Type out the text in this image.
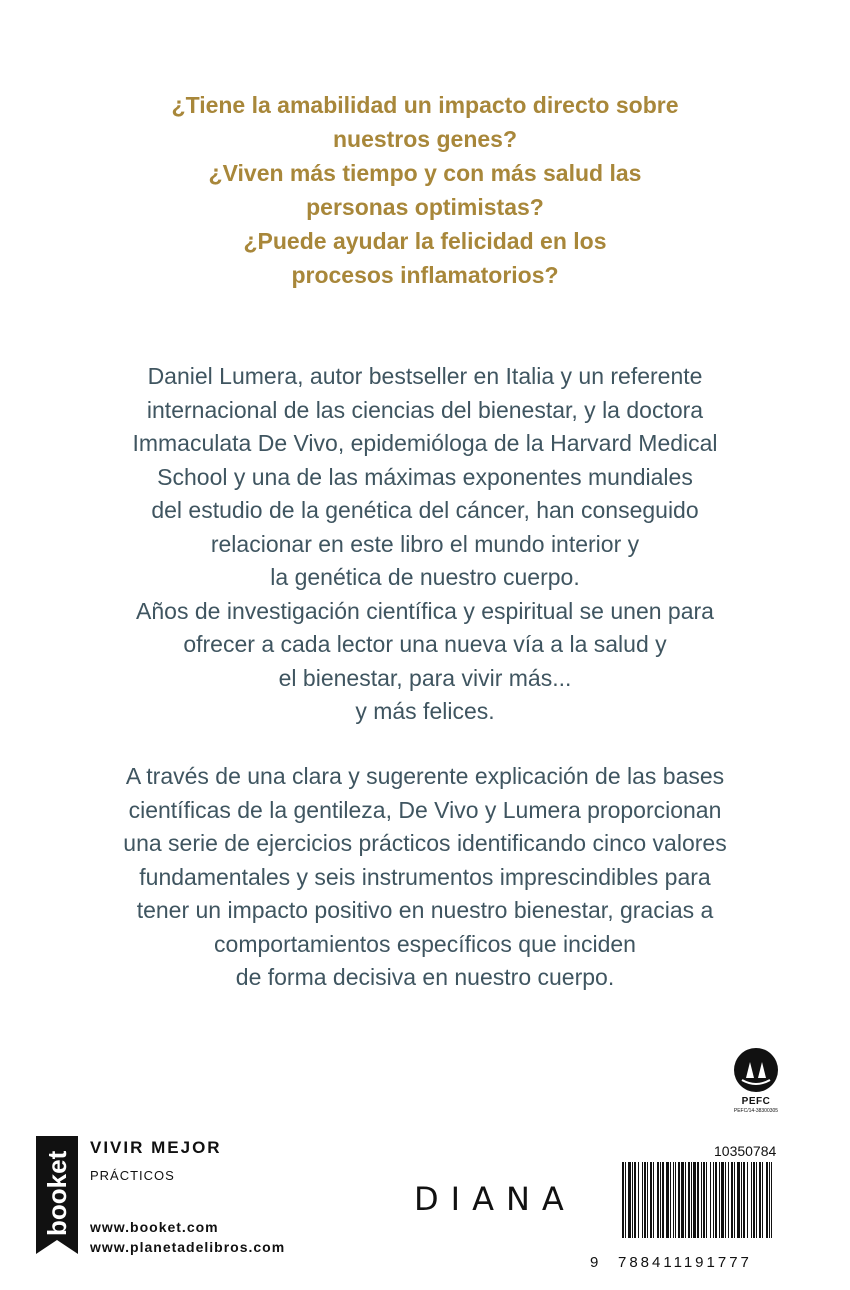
¿Tiene la amabilidad un impacto directo sobre
nuestros genes?
¿Viven más tiempo y con más salud las
personas optimistas?
¿Puede ayudar la felicidad en los
procesos inflamatorios?
Daniel Lumera, autor bestseller en Italia y un referente
internacional de las ciencias del bienestar, y la doctora
Immaculata De Vivo, epidemióloga de la Harvard Medical
School y una de las máximas exponentes mundiales
del estudio de la genética del cáncer, han conseguido
relacionar en este libro el mundo interior y
la genética de nuestro cuerpo.
Años de investigación científica y espiritual se unen para
ofrecer a cada lector una nueva vía a la salud y
el bienestar, para vivir más...
y más felices.
A través de una clara y sugerente explicación de las bases
científicas de la gentileza, De Vivo y Lumera proporcionan
una serie de ejercicios prácticos identificando cinco valores
fundamentales y seis instrumentos imprescindibles para
tener un impacto positivo en nuestro bienestar, gracias a
comportamientos específicos que inciden
de forma decisiva en nuestro cuerpo.
PEFC
PEFC/14-38300305
booket
VIVIR MEJOR
PRÁCTICOS
www.booket.com
www.planetadelibros.com
DIANA
10350784
9 788411191777
